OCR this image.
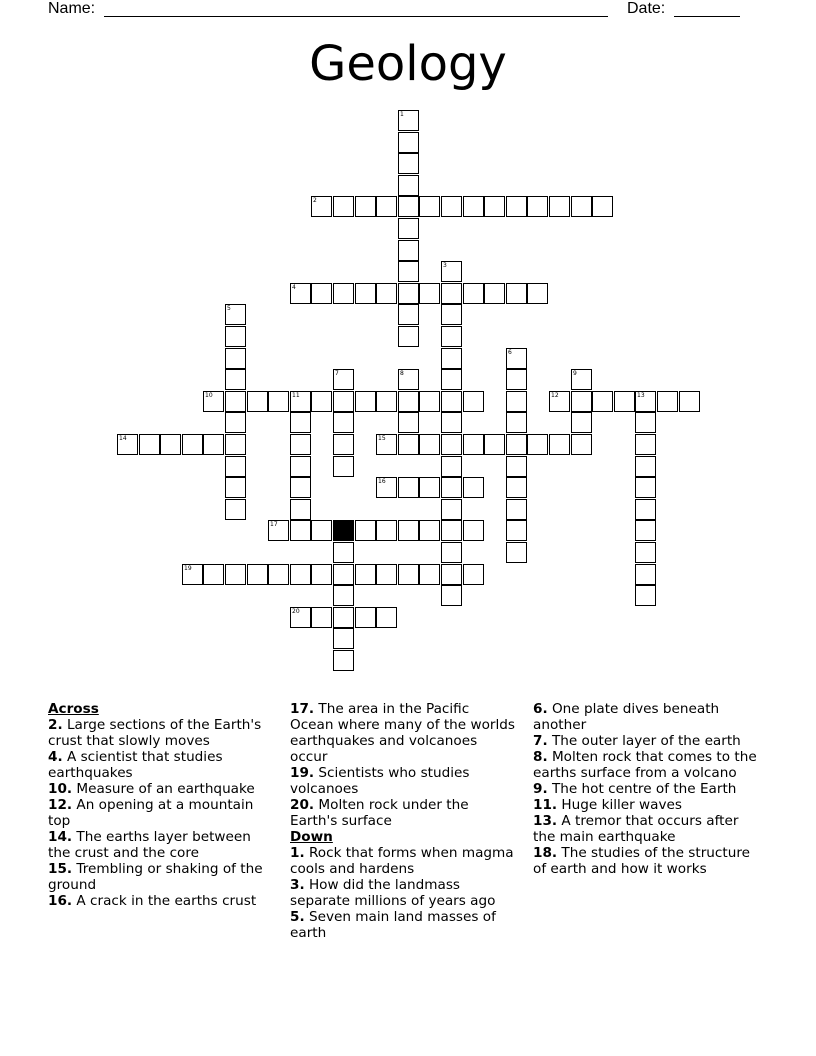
Name:	Date:
Geology
1
2
3
4
5
6
7	8	9
10	11	12	13
14	15
16
17	18
19
20
Across

2. Large sections of the Earth's crust that slowly moves

4. A scientist that studies earthquakes

10. Measure of an earthquake

12. An opening at a mountain top

14. The earths layer between the crust and the core

15. Trembling or shaking of the ground

16. A crack in the earths crust

17. The area in the Pacific Ocean where many of the worlds earthquakes and volcanoes occur

19. Scientists who studies volcanoes

20. Molten rock under the Earth's surface

Down

1. Rock that forms when magma cools and hardens

3. How did the landmass separate millions of years ago

5. Seven main land masses of earth

6. One plate dives beneath another

7. The outer layer of the earth

8. Molten rock that comes to the earths surface from a volcano

9. The hot centre of the Earth

11. Huge killer waves

13. A tremor that occurs after the main earthquake

18. The studies of the structure of earth and how it works
